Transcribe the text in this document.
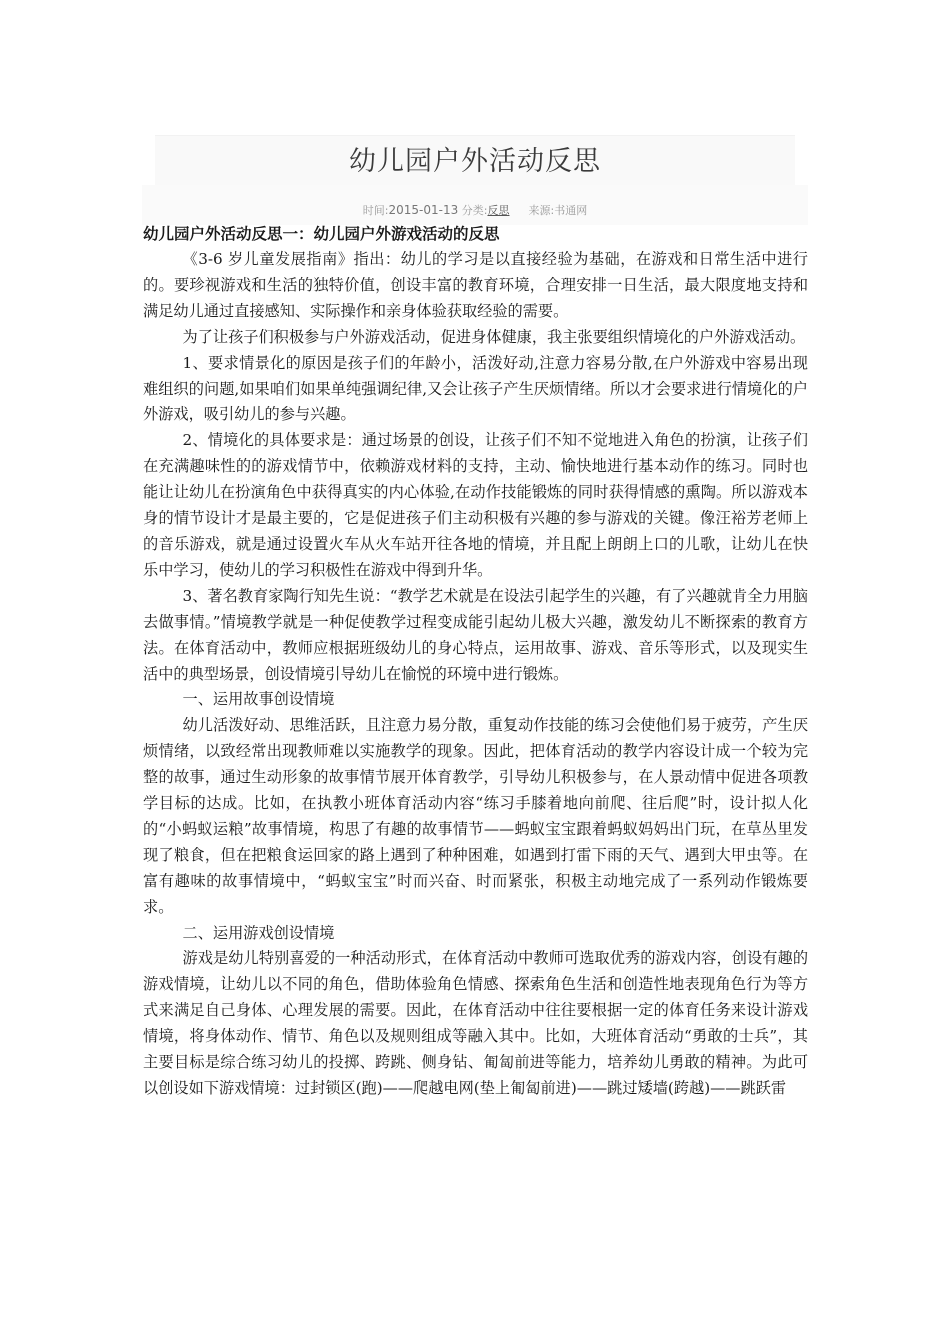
幼儿园户外活动反思
时间:2015-01-13 分类:反思 来源:书通网
幼儿园户外活动反思一：幼儿园户外游戏活动的反思

《3-6 岁儿童发展指南》指出：幼儿的学习是以直接经验为基础，在游戏和日常生活中进行的。要珍视游戏和生活的独特价值，创设丰富的教育环境，合理安排一日生活，最大限度地支持和满足幼儿通过直接感知、实际操作和亲身体验获取经验的需要。

为了让孩子们积极参与户外游戏活动，促进身体健康，我主张要组织情境化的户外游戏活动。

1、要求情景化的原因是孩子们的年龄小，活泼好动,注意力容易分散,在户外游戏中容易出现难组织的问题,如果咱们如果单纯强调纪律,又会让孩子产生厌烦情绪。所以才会要求进行情境化的户外游戏，吸引幼儿的参与兴趣。

2、情境化的具体要求是：通过场景的创设，让孩子们不知不觉地进入角色的扮演，让孩子们在充满趣味性的的游戏情节中，依赖游戏材料的支持，主动、愉快地进行基本动作的练习。同时也能让让幼儿在扮演角色中获得真实的内心体验,在动作技能锻炼的同时获得情感的熏陶。所以游戏本身的情节设计才是最主要的，它是促进孩子们主动积极有兴趣的参与游戏的关键。像汪裕芳老师上的音乐游戏，就是通过设置火车从火车站开往各地的情境，并且配上朗朗上口的儿歌，让幼儿在快乐中学习，使幼儿的学习积极性在游戏中得到升华。

3、著名教育家陶行知先生说：“教学艺术就是在设法引起学生的兴趣，有了兴趣就肯全力用脑去做事情。”情境教学就是一种促使教学过程变成能引起幼儿极大兴趣，激发幼儿不断探索的教育方法。在体育活动中，教师应根据班级幼儿的身心特点，运用故事、游戏、音乐等形式，以及现实生活中的典型场景，创设情境引导幼儿在愉悦的环境中进行锻炼。

一、运用故事创设情境

幼儿活泼好动、思维活跃，且注意力易分散，重复动作技能的练习会使他们易于疲劳，产生厌烦情绪，以致经常出现教师难以实施教学的现象。因此，把体育活动的教学内容设计成一个较为完整的故事，通过生动形象的故事情节展开体育教学，引导幼儿积极参与，在人景动情中促进各项教学目标的达成。比如，在执教小班体育活动内容“练习手膝着地向前爬、往后爬”时，设计拟人化的“小蚂蚁运粮”故事情境，构思了有趣的故事情节——蚂蚁宝宝跟着蚂蚁妈妈出门玩，在草丛里发现了粮食，但在把粮食运回家的路上遇到了种种困难，如遇到打雷下雨的天气、遇到大甲虫等。在富有趣味的故事情境中，“蚂蚁宝宝”时而兴奋、时而紧张，积极主动地完成了一系列动作锻炼要求。

二、运用游戏创设情境

游戏是幼儿特别喜爱的一种活动形式，在体育活动中教师可选取优秀的游戏内容，创设有趣的游戏情境，让幼儿以不同的角色，借助体验角色情感、探索角色生活和创造性地表现角色行为等方式来满足自己身体、心理发展的需要。因此，在体育活动中往往要根据一定的体育任务来设计游戏情境，将身体动作、情节、角色以及规则组成等融入其中。比如，大班体育活动“勇敢的士兵”，其主要目标是综合练习幼儿的投掷、跨跳、侧身钻、匍匐前进等能力，培养幼儿勇敢的精神。为此可以创设如下游戏情境：过封锁区(跑)——爬越电网(垫上匍匐前进)——跳过矮墙(跨越)——跳跃雷
